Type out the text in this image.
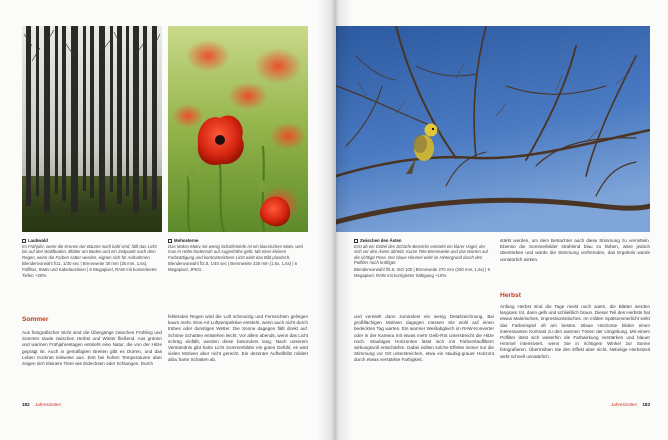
Laubwald
Im Frühjahr, wenn die Kronen der Bäume noch kahl sind, fällt das Licht bis auf den Waldboden. Blätter am Boden und ein Zeitpunkt nach dem Regen, wenn die Farben satter werden, eignen sich für Aufnahmen.
Blendenvorwahl f/11, 1/30 sec | Brennweite 30 mm (35 mm, 1,6x), Polfilter, Stativ und Kabelauslöser | 6 Megapixel, RAW mit konvertierter Tiefen +20%.
Mohnsterne
Das Makro-Motiv mit wenig Schärfentiefe ist ein klassisches Motiv, weil man in Höhe bodennah auf Augenhöhe geht. Mit einer kleinen Farbsättigung und kontrastreichem Licht wirkt das Bild plastisch.
Blendenvorwahl f/2.8, 1/40 sec | Brennweite 225 mm (1,6x, 1,6x) | 6 Megapixel, JPEG.
Sommer

Aus fotografischer Sicht sind die Übergänge zwischen Frühling und Sommer sowie zwischen Herbst und Winter fließend. Aus grünen und warmen Frühjahrestagen entsteht eine Natur, die von der Hitze geprägt ist. Auch in gemäßigten Breiten gibt es Dürren, und das Leben trocknet teilweise aus. Erst bei hohen Temperaturen aber zeigen sich kleinere Tiere wie Eidechsen oder Schlangen. Durch

fehlenden Regen wird die Luft schmutzig und Fernsichten gelingen kaum mehr. Eine Art Luftperspektive entsteht, wenn auch nicht durch trübes oder dunstiges Wetter. Die Sonne dagegen fällt direkt auf. Schöne Schatten entstehen leicht. Vor allem abends, wenn das Licht schräg einfällt, werden diese besonders lang. Nach unserem Verständnis gibt harte Licht Sommerbilder ein gutes Gefühl, es wird vielen Motiven aber nicht gerecht. Ein dezenter Aufhellblitz mildert allzu harte Schatten ab.

182 Jahreszeiten
Zwischen den Ästen
Erst ab ein Drittel des Schärfe-Bereichs entsteht ein klarer Vogel, der sich vor den Ästen abhebt. Kurze Tele-Brennweite und das Warten auf die richtige Pose. Der blaue Himmel wirkt im Hintergrund durch den Polfilter noch kräftiger.
Blendenvorwahl f/5.6, ISO 100 | Brennweite 270 mm (200 mm, 1,6x) | 6 Megapixel, RAW mit korrigierter Sättigung +10%.

stärkt werden, um dem Betrachter auch diese Stimmung zu vermitteln. Ebenso die Sommerbilder strahlend blau zu färben, wäre jedoch übertrieben und würde die Stimmung verfremden, das Ergebnis würde unnatürlich wirken.

und vereitelt dann zumindest ein wenig Detailzeichnung. Bei großflächigen Motiven dagegen müssen Sie wohl auf einen bedeckten Tag warten. Ein warmer Weißabgleich im RAW-Konverter oder in der Kamera mit etwas mehr Gelb-Rot unterstreicht die Hitze noch. Staubiges Horizonten lässt sich mit Farbverlauffiltern wirkungsvoll entschärfen. Dabei sollten solche Effekte immer nur die Stimmung vor Ort unterstreichen, etwa ein staubig-grauer Horizont durch etwas verstärkte Farbigkeit.

Herbst

Anfang Herbst sind die Tage meist noch warm, die Blätter werden langsam rot, dann gelb und schließlich braun. Dieser Teil des Herbsts hat etwas Malerisches, Impressionistisches. Im milden Spätsommerlicht wirkt das Farbenspiel oft am besten. Blaue Horizonte bilden einen interessanten Kontrast zu den warmen Tönen der Umgebung. Mit einem Polfilter lässt sich weiterhin die Farbwirkung verstärken und blauer Himmel intensiviert, wenn Sie in richtigem Winkel zur Sonne fotografieren. Übertreiben Sie den Effekt aber nicht. Nebelige Herbstzeit wirkt schnell unnatürlich.

Jahreszeiten 183
